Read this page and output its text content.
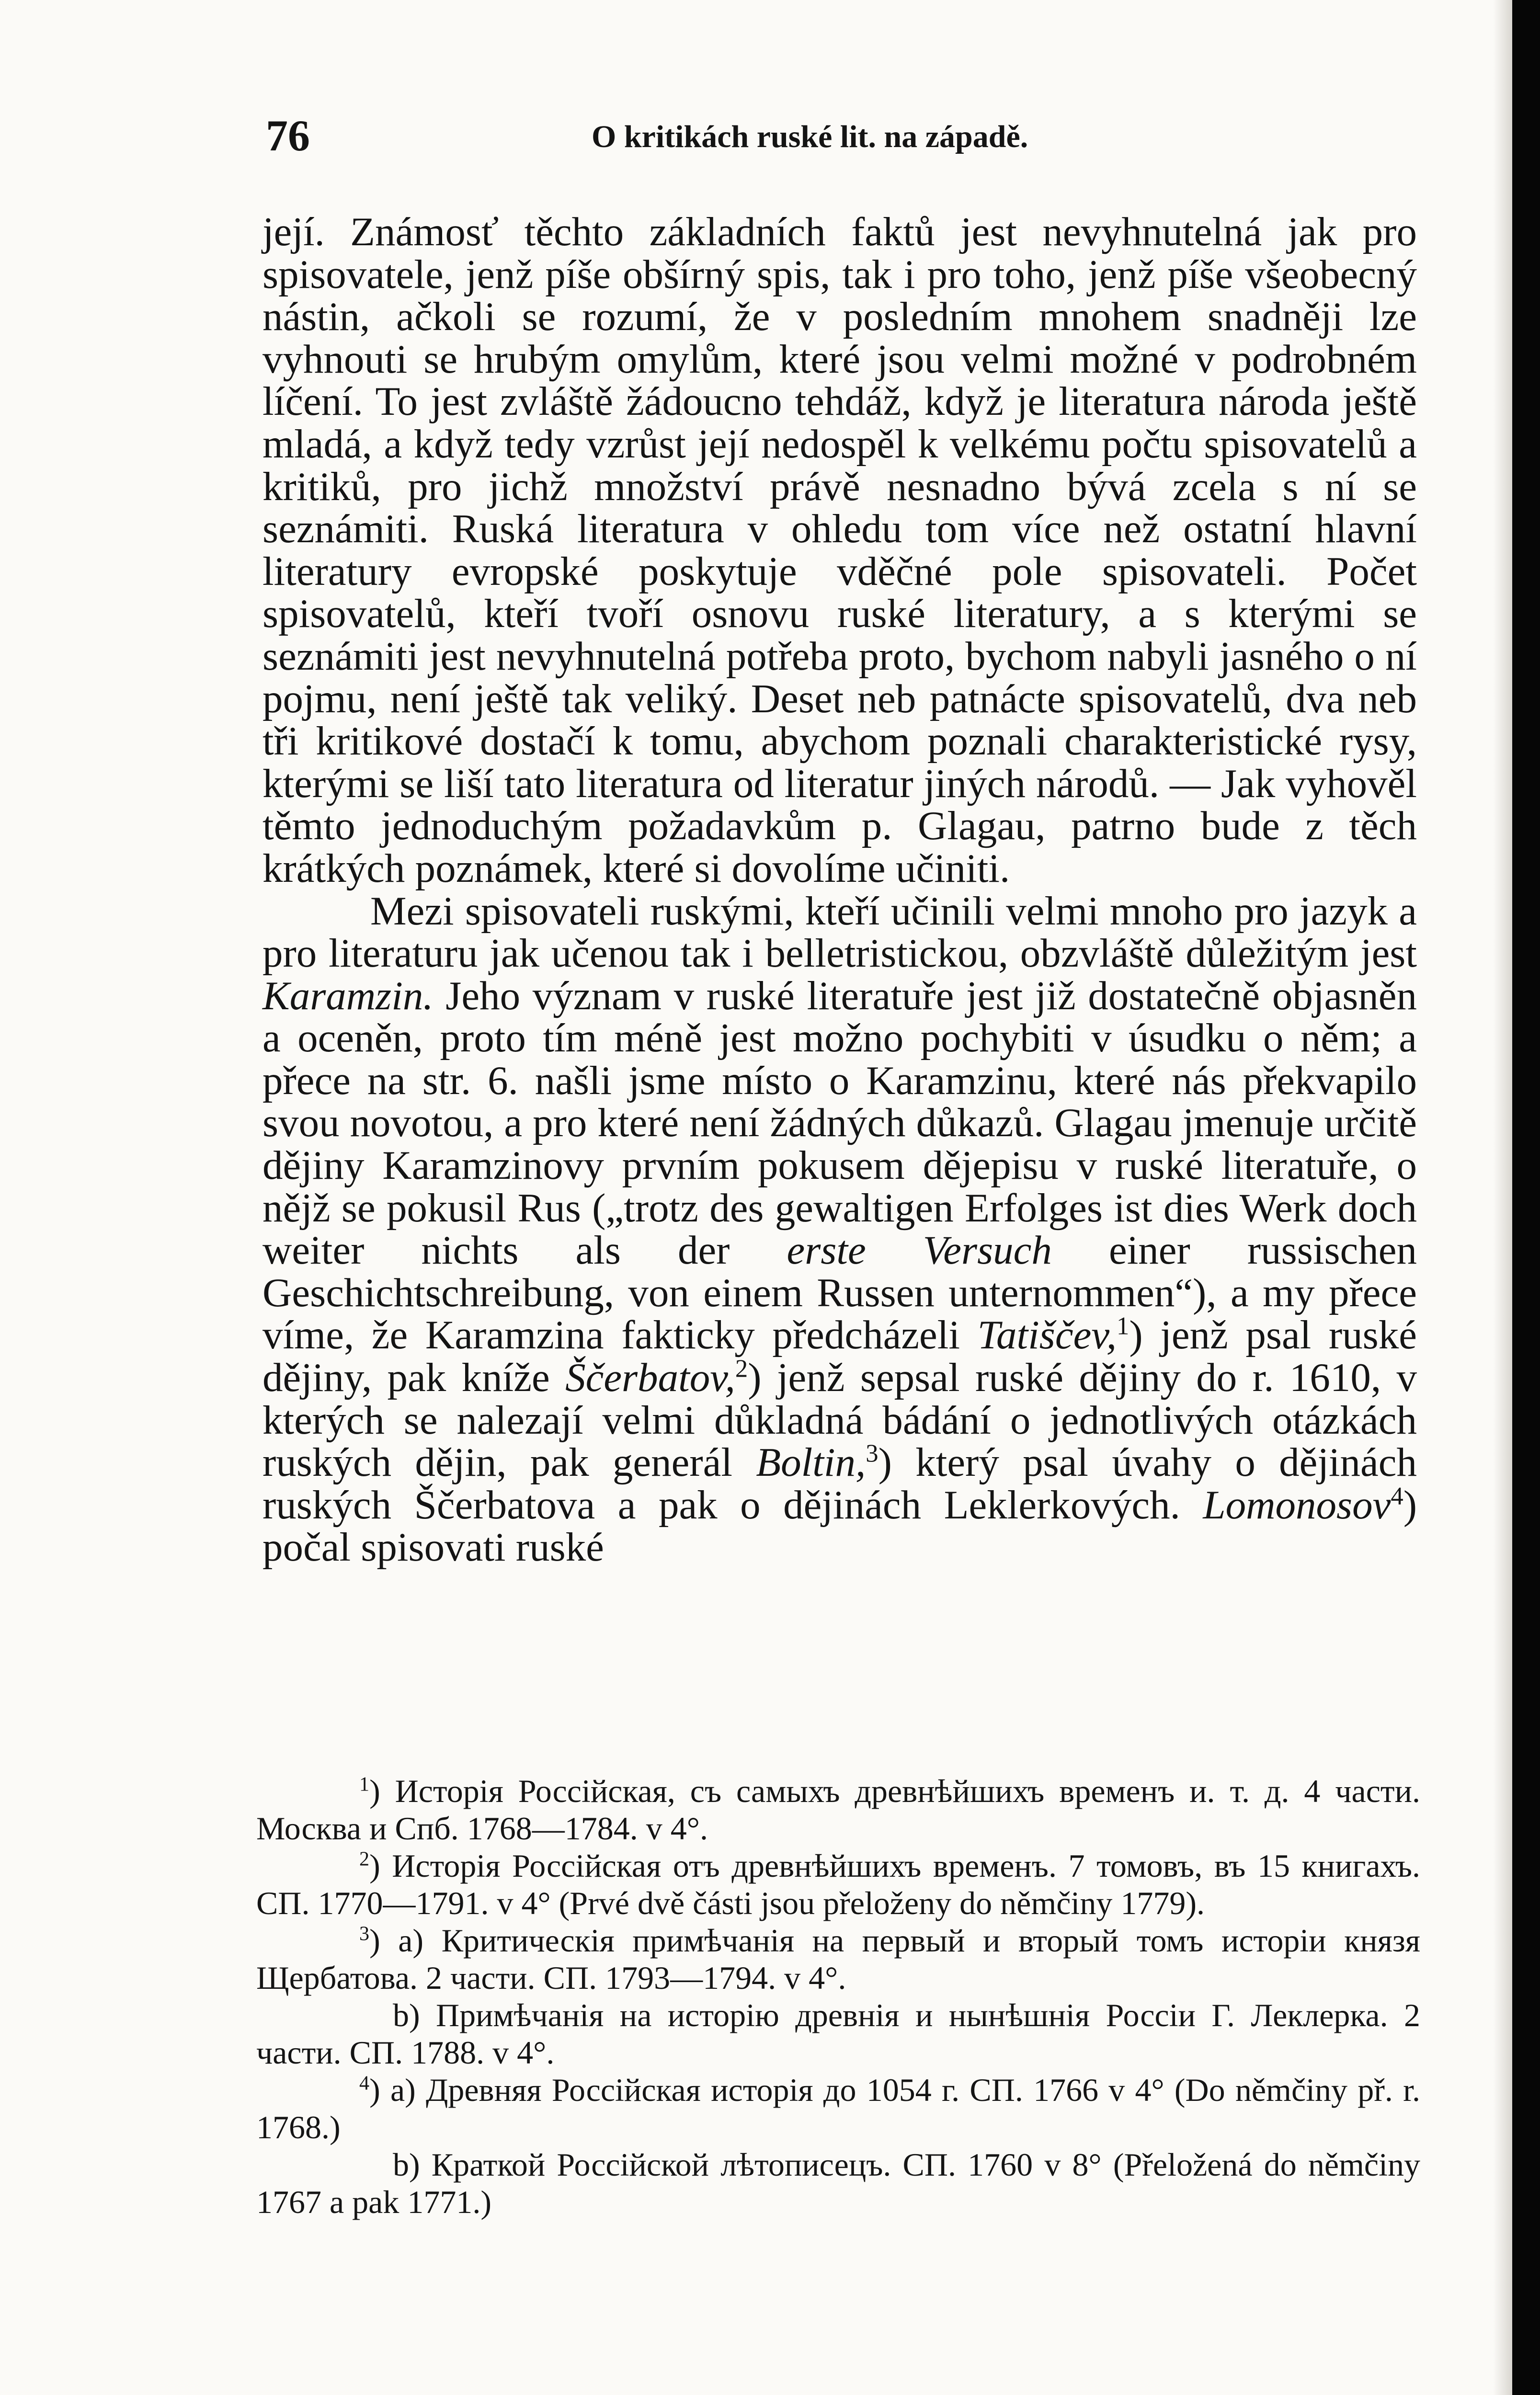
76	O kritikách ruské lit. na západě.

její. Známosť těchto základních faktů jest nevyhnutelná jak pro spisovatele, jenž píše obšírný spis, tak i pro toho, jenž píše všeobecný nástin, ačkoli se rozumí, že v posledním mnohem snadněji lze vyhnouti se hrubým omylům, které jsou velmi možné v podrobném líčení. To jest zvláště žádoucno tehdáž, když je literatura národa ještě mladá, a když tedy vzrůst její nedospěl k velkému počtu spisovatelů a kritiků, pro jichž množství právě nesnadno bývá zcela s ní se seznámiti. Ruská literatura v ohledu tom více než ostatní hlavní literatury evropské poskytuje vděčné pole spisovateli. Počet spisovatelů, kteří tvoří osnovu ruské literatury, a s kterými se seznámiti jest nevyhnutelná potřeba proto, bychom nabyli jasného o ní pojmu, není ještě tak veliký. Deset neb patnácte spisovatelů, dva neb tři kritikové dostačí k tomu, abychom poznali charakteristické rysy, kterými se liší tato literatura od literatur jiných národů. — Jak vyhověl těmto jednoduchým požadavkům p. Glagau, patrno bude z těch krátkých poznámek, které si dovolíme učiniti.

Mezi spisovateli ruskými, kteří učinili velmi mnoho pro jazyk a pro literaturu jak učenou tak i belletristickou, obzvláště důležitým jest Karamzin. Jeho význam v ruské literatuře jest již dostatečně objasněn a oceněn, proto tím méně jest možno pochybiti v úsudku o něm; a přece na str. 6. našli jsme místo o Karamzinu, které nás překvapilo svou novotou, a pro které není žádných důkazů. Glagau jmenuje určitě dějiny Karamzinovy prvním pokusem dějepisu v ruské literatuře, o nějž se pokusil Rus („trotz des gewaltigen Erfolges ist dies Werk doch weiter nichts als der erste Versuch einer russischen Geschichtschreibung, von einem Russen unternommen“), a my přece víme, že Karamzina fakticky předcházeli Tatiščev,$^1$) jenž psal ruské dějiny, pak kníže Ščerbatov,$^2$) jenž sepsal ruské dějiny do r. 1610, v kterých se nalezají velmi důkladná bádání o jednotlivých otázkách ruských dějin, pak generál Boltin,$^3$) který psal úvahy o dějinách ruských Ščerbatova a pak o dějinách Leklerkových. Lomonosov$^4$) počal spisovati ruské

$^1$) Исторiя Россiйская, съ самыхъ древнѣйшихъ временъ и. т. д. 4 части. Москва и Спб. 1768—1784. v 4°.

$^2$) Исторiя Россiйская отъ древнѣйшихъ временъ. 7 томовъ, въ 15 книгахъ. СП. 1770—1791. v 4° (Prvé dvě části jsou přeloženy do němčiny 1779).

$^3$) a) Критическiя примѣчанiя на первый и вторый томъ исторiи князя Щербатова. 2 части. СП. 1793—1794. v 4°.

b) Примѣчанiя на исторiю древнiя и нынѣшнiя Россiи Г. Леклерка. 2 части. СП. 1788. v 4°.

$^4$) a) Древняя Россiйская исторiя до 1054 г. СП. 1766 v 4° (Do němčiny př. r. 1768.)

b) Краткой Россiйской лѣтописецъ. СП. 1760 v 8° (Přeložená do němčiny 1767 a pak 1771.)
